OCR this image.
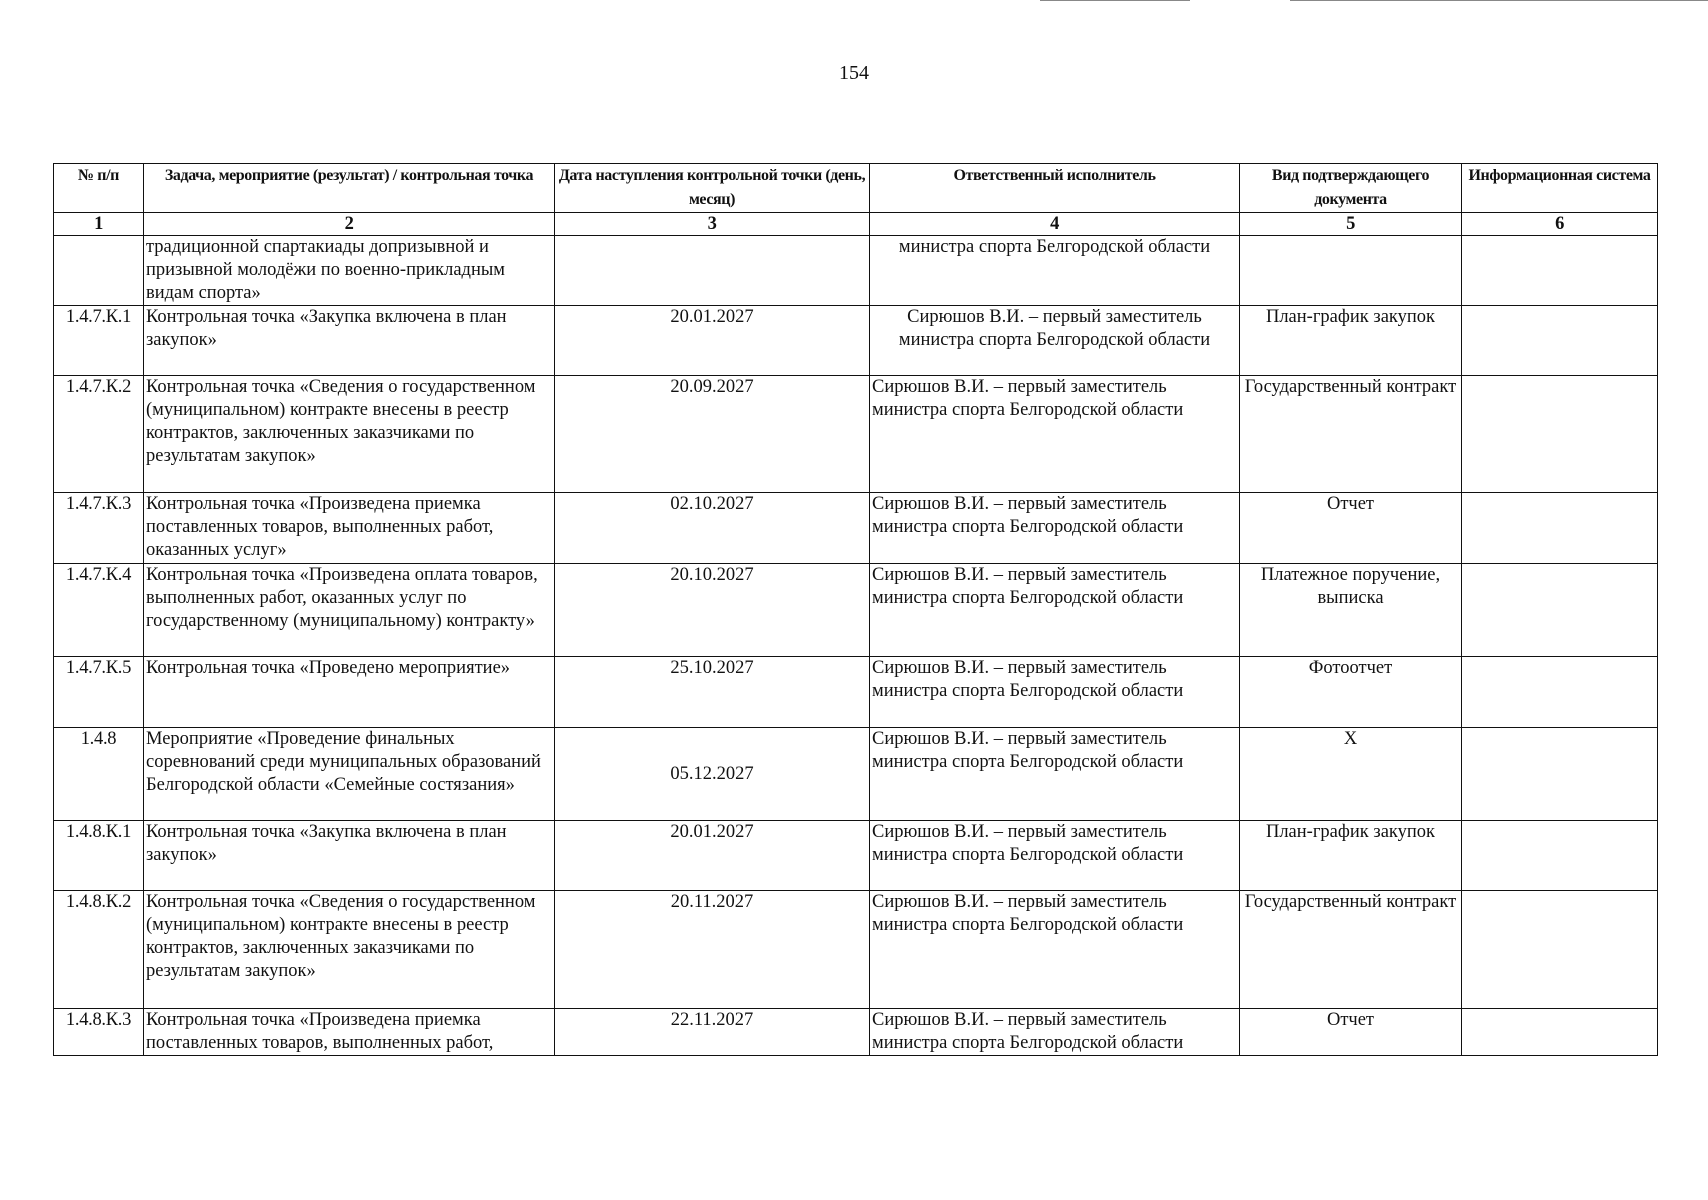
154
№ п/п	Задача, мероприятие (результат) / контрольная точка	Дата наступления контрольной точки (день, месяц)	Ответственный исполнитель	Вид подтверждающего документа	Информационная система
1	2	3	4	5	6
	традиционной спартакиады допризывной и призывной молодёжи по военно-прикладным видам спорта»		министра спорта Белгородской области		
1.4.7.К.1	Контрольная точка «Закупка включена в план закупок»	20.01.2027	Сирюшов В.И. – первый заместитель министра спорта Белгородской области	План-график закупок	
1.4.7.К.2	Контрольная точка «Сведения о государственном (муниципальном) контракте внесены в реестр контрактов, заключенных заказчиками по результатам закупок»	20.09.2027	Сирюшов В.И. – первый заместитель министра спорта Белгородской области	Государственный контракт	
1.4.7.К.3	Контрольная точка «Произведена приемка поставленных товаров, выполненных работ, оказанных услуг»	02.10.2027	Сирюшов В.И. – первый заместитель министра спорта Белгородской области	Отчет	
1.4.7.К.4	Контрольная точка «Произведена оплата товаров, выполненных работ, оказанных услуг по государственному (муниципальному) контракту»	20.10.2027	Сирюшов В.И. – первый заместитель министра спорта Белгородской области	Платежное поручение, выписка	
1.4.7.К.5	Контрольная точка «Проведено мероприятие»	25.10.2027	Сирюшов В.И. – первый заместитель министра спорта Белгородской области	Фотоотчет	
1.4.8	Мероприятие «Проведение финальных соревнований среди муниципальных образований Белгородской области «Семейные состязания»	05.12.2027	Сирюшов В.И. – первый заместитель министра спорта Белгородской области	Х	
1.4.8.К.1	Контрольная точка «Закупка включена в план закупок»	20.01.2027	Сирюшов В.И. – первый заместитель министра спорта Белгородской области	План-график закупок	
1.4.8.К.2	Контрольная точка «Сведения о государственном (муниципальном) контракте внесены в реестр контрактов, заключенных заказчиками по результатам закупок»	20.11.2027	Сирюшов В.И. – первый заместитель министра спорта Белгородской области	Государственный контракт	
1.4.8.К.3	Контрольная точка «Произведена приемка поставленных товаров, выполненных работ,	22.11.2027	Сирюшов В.И. – первый заместитель министра спорта Белгородской области	Отчет	
